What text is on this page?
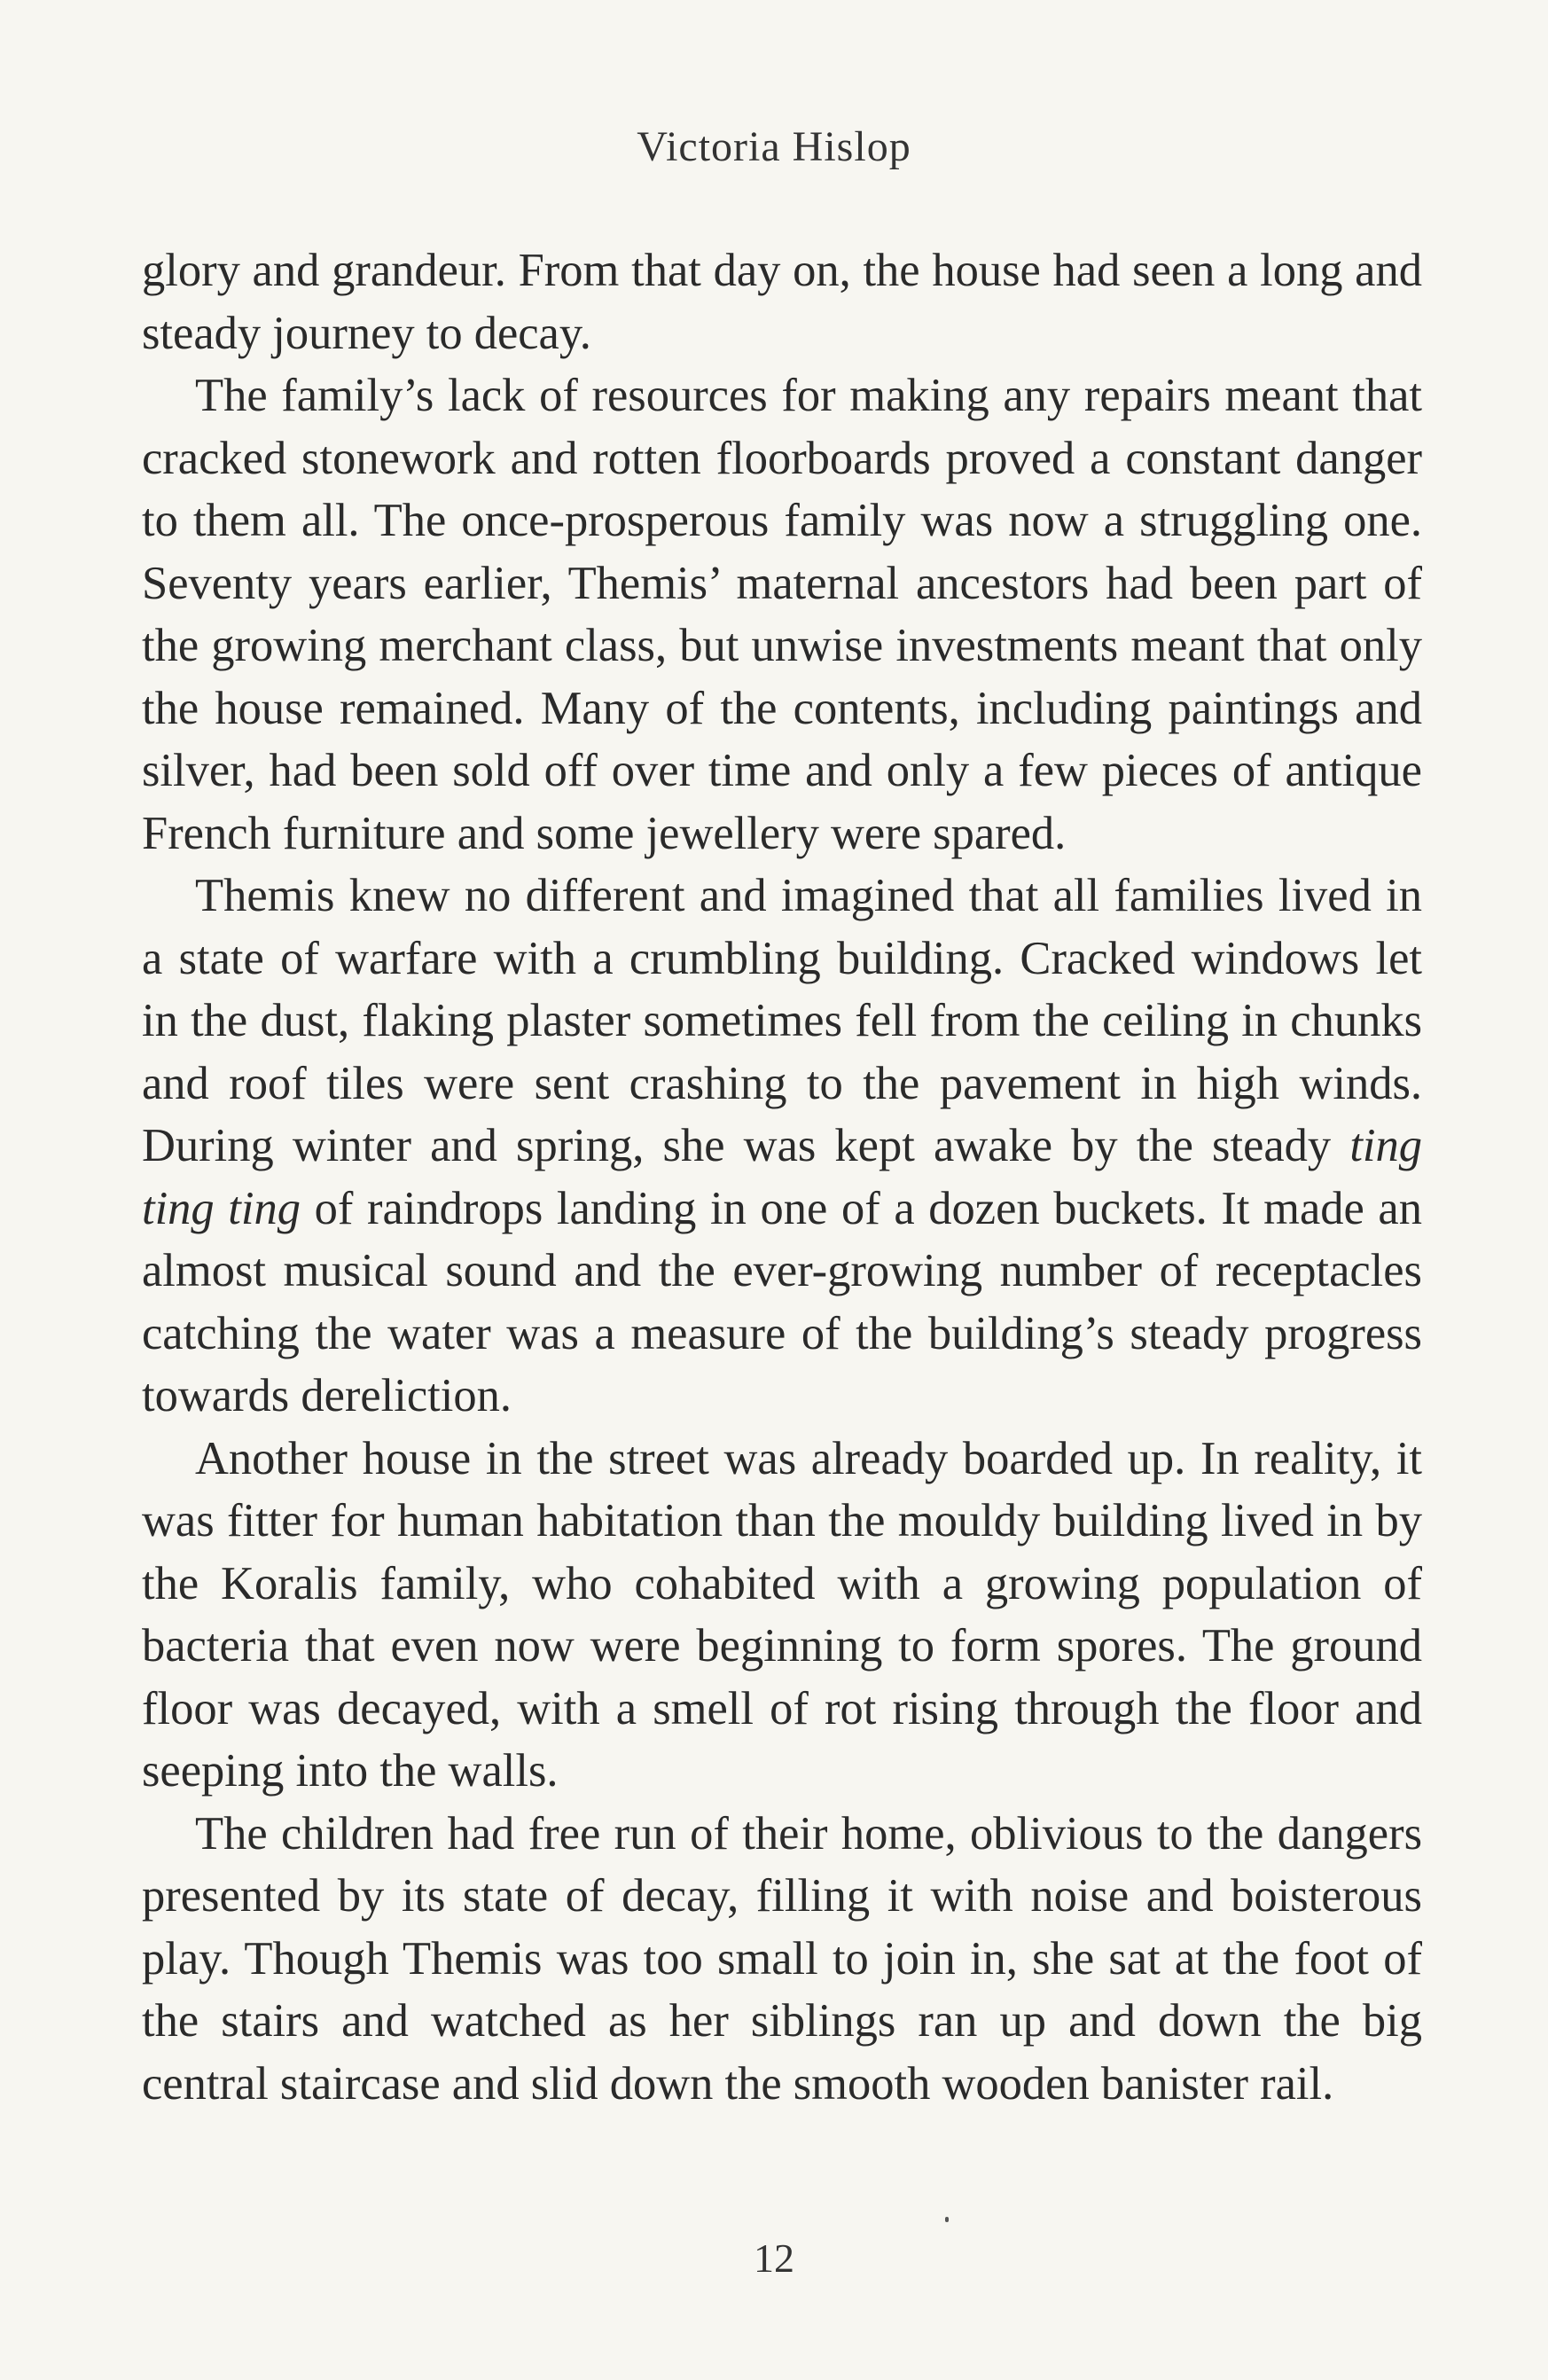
Victoria Hislop

glory and grandeur. From that day on, the house had seen a long and steady journey to decay.

The family’s lack of resources for making any repairs meant that cracked stonework and rotten floorboards proved a constant danger to them all. The once-prosperous family was now a struggling one. Seventy years earlier, Themis’ maternal ancestors had been part of the growing merchant class, but unwise investments meant that only the house remained. Many of the contents, including paintings and silver, had been sold off over time and only a few pieces of antique French furniture and some jewellery were spared.

Themis knew no different and imagined that all families lived in a state of warfare with a crumbling building. Cracked windows let in the dust, flaking plaster sometimes fell from the ceiling in chunks and roof tiles were sent crashing to the pavement in high winds. During winter and spring, she was kept awake by the steady ting ting ting of raindrops landing in one of a dozen buckets. It made an almost musical sound and the ever-growing number of receptacles catching the water was a measure of the building’s steady progress towards dereliction.

Another house in the street was already boarded up. In reality, it was fitter for human habitation than the mouldy building lived in by the Koralis family, who cohabited with a growing population of bacteria that even now were beginning to form spores. The ground floor was decayed, with a smell of rot rising through the floor and seeping into the walls.

The children had free run of their home, oblivious to the dangers presented by its state of decay, filling it with noise and boisterous play. Though Themis was too small to join in, she sat at the foot of the stairs and watched as her siblings ran up and down the big central staircase and slid down the smooth wooden banister rail.

12
